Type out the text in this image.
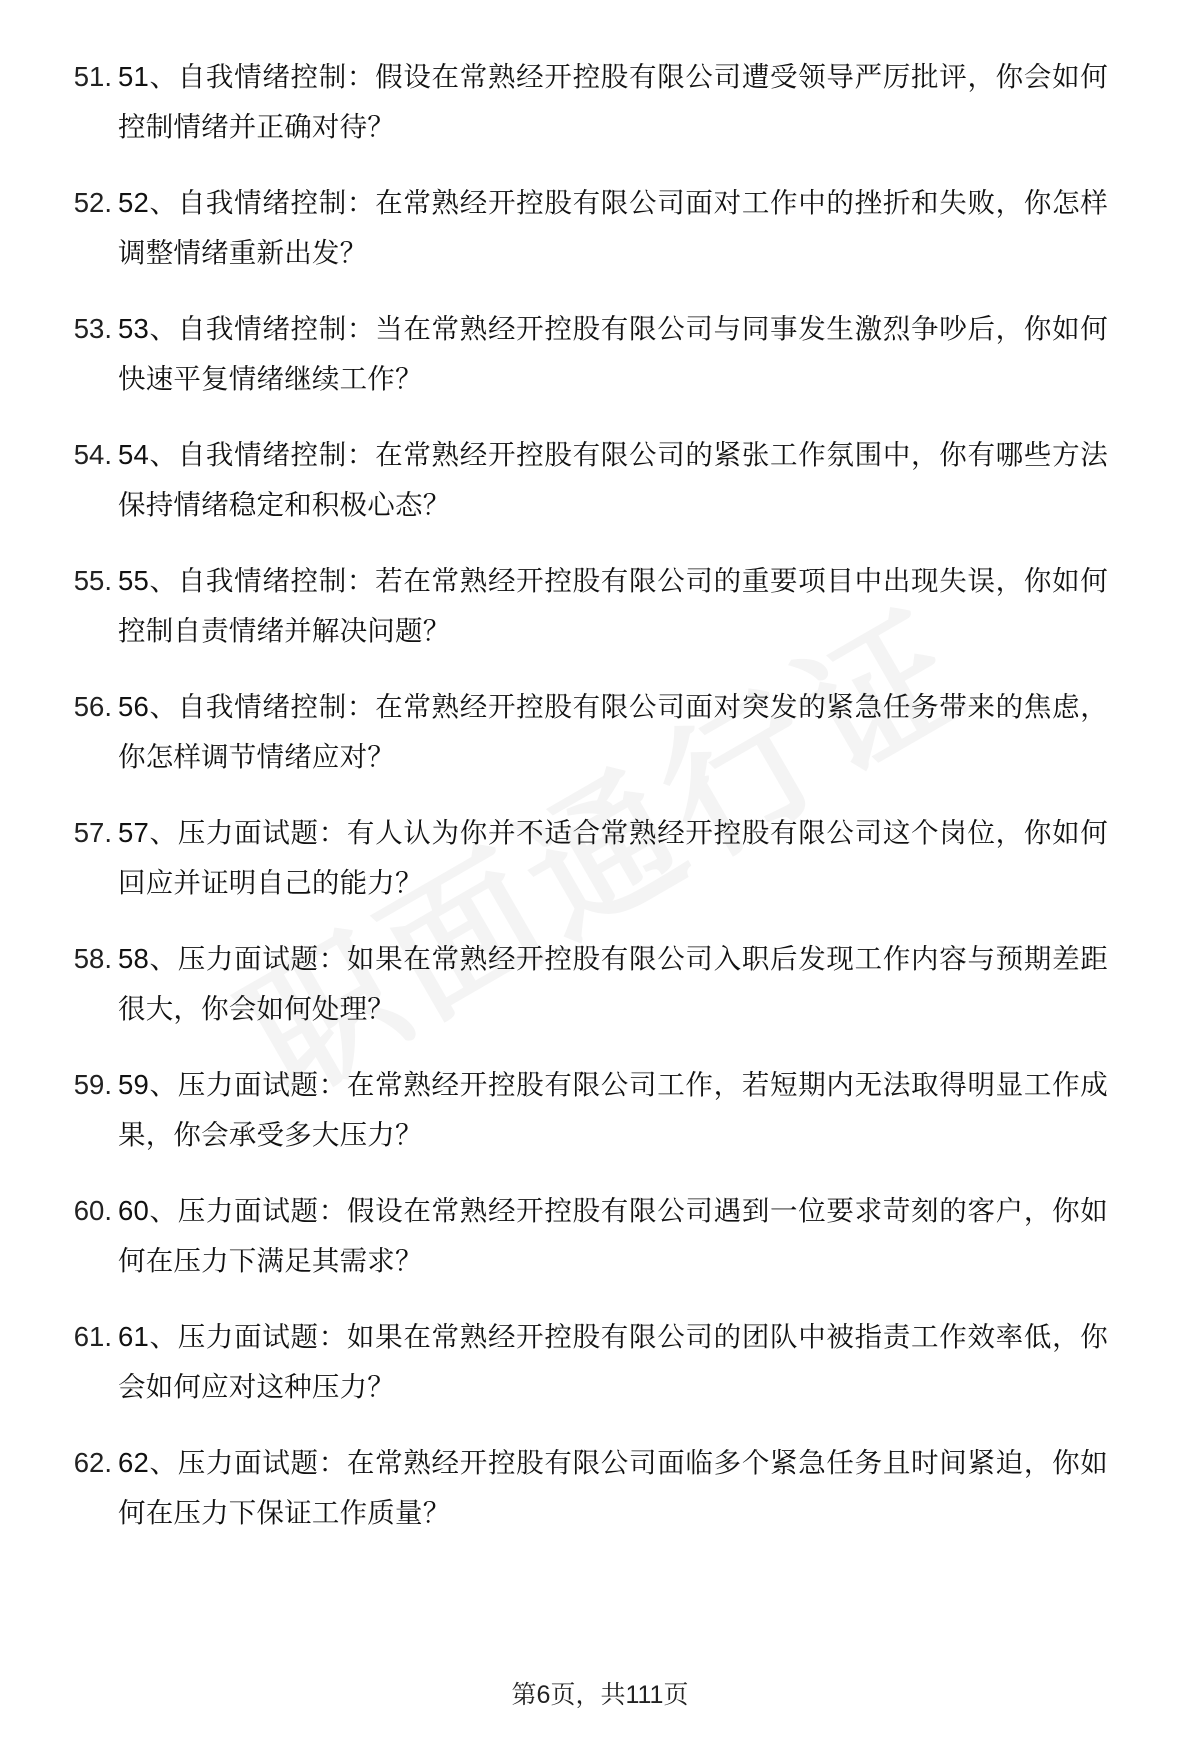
51. 51、自我情绪控制：假设在常熟经开控股有限公司遭受领导严厉批评，你会如何控制情绪并正确对待？
52. 52、自我情绪控制：在常熟经开控股有限公司面对工作中的挫折和失败，你怎样调整情绪重新出发？
53. 53、自我情绪控制：当在常熟经开控股有限公司与同事发生激烈争吵后，你如何快速平复情绪继续工作？
54. 54、自我情绪控制：在常熟经开控股有限公司的紧张工作氛围中，你有哪些方法保持情绪稳定和积极心态？
55. 55、自我情绪控制：若在常熟经开控股有限公司的重要项目中出现失误，你如何控制自责情绪并解决问题？
56. 56、自我情绪控制：在常熟经开控股有限公司面对突发的紧急任务带来的焦虑，你怎样调节情绪应对？
57. 57、压力面试题：有人认为你并不适合常熟经开控股有限公司这个岗位，你如何回应并证明自己的能力？
58. 58、压力面试题：如果在常熟经开控股有限公司入职后发现工作内容与预期差距很大，你会如何处理？
59. 59、压力面试题：在常熟经开控股有限公司工作，若短期内无法取得明显工作成果，你会承受多大压力？
60. 60、压力面试题：假设在常熟经开控股有限公司遇到一位要求苛刻的客户，你如何在压力下满足其需求？
61. 61、压力面试题：如果在常熟经开控股有限公司的团队中被指责工作效率低，你会如何应对这种压力？
62. 62、压力面试题：在常熟经开控股有限公司面临多个紧急任务且时间紧迫，你如何在压力下保证工作质量？
第6页，共111页
